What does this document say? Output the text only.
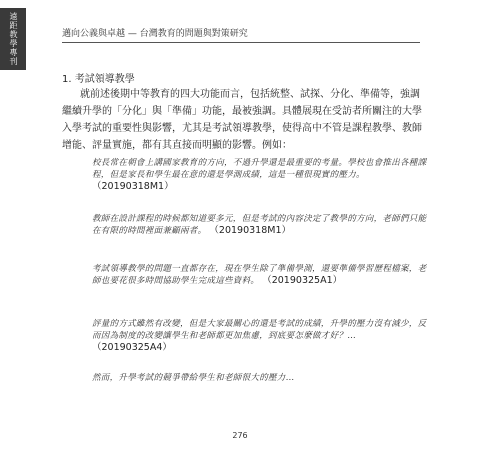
遠距教學專刊	邁向公義與卓越 — 台灣教育的問題與對策研究
1. 考試領導教學

就前述後期中等教育的四大功能而言，包括統整、試探、分化、準備等，強調繼續升學的「分化」與「準備」功能，最被強調。具體展現在受訪者所關注的大學入學考試的重要性與影響，尤其是考試領導教學，使得高中不管是課程教學、教師增能、評量實施，都有其直接而明顯的影響。例如：

校長常在朝會上講國家教育的方向，不過升學還是最重要的考量。學校也會推出各種課程，但是家長和學生最在意的還是學測成績，這是一種很現實的壓力。 （20190318M1）

教師在設計課程的時候都知道要多元，但是考試的內容決定了教學的方向，老師們只能在有限的時間裡面兼顧兩者。 （20190318M1）

考試領導教學的問題一直都存在，現在學生除了準備學測，還要準備學習歷程檔案，老師也要花很多時間協助學生完成這些資料。 （20190325A1）

評量的方式雖然有改變，但是大家最關心的還是考試的成績，升學的壓力沒有減少，反而因為制度的改變讓學生和老師都更加焦慮，到底要怎麼做才好？… （20190325A4）

然而，升學考試的競爭帶給學生和老師很大的壓力…

276
